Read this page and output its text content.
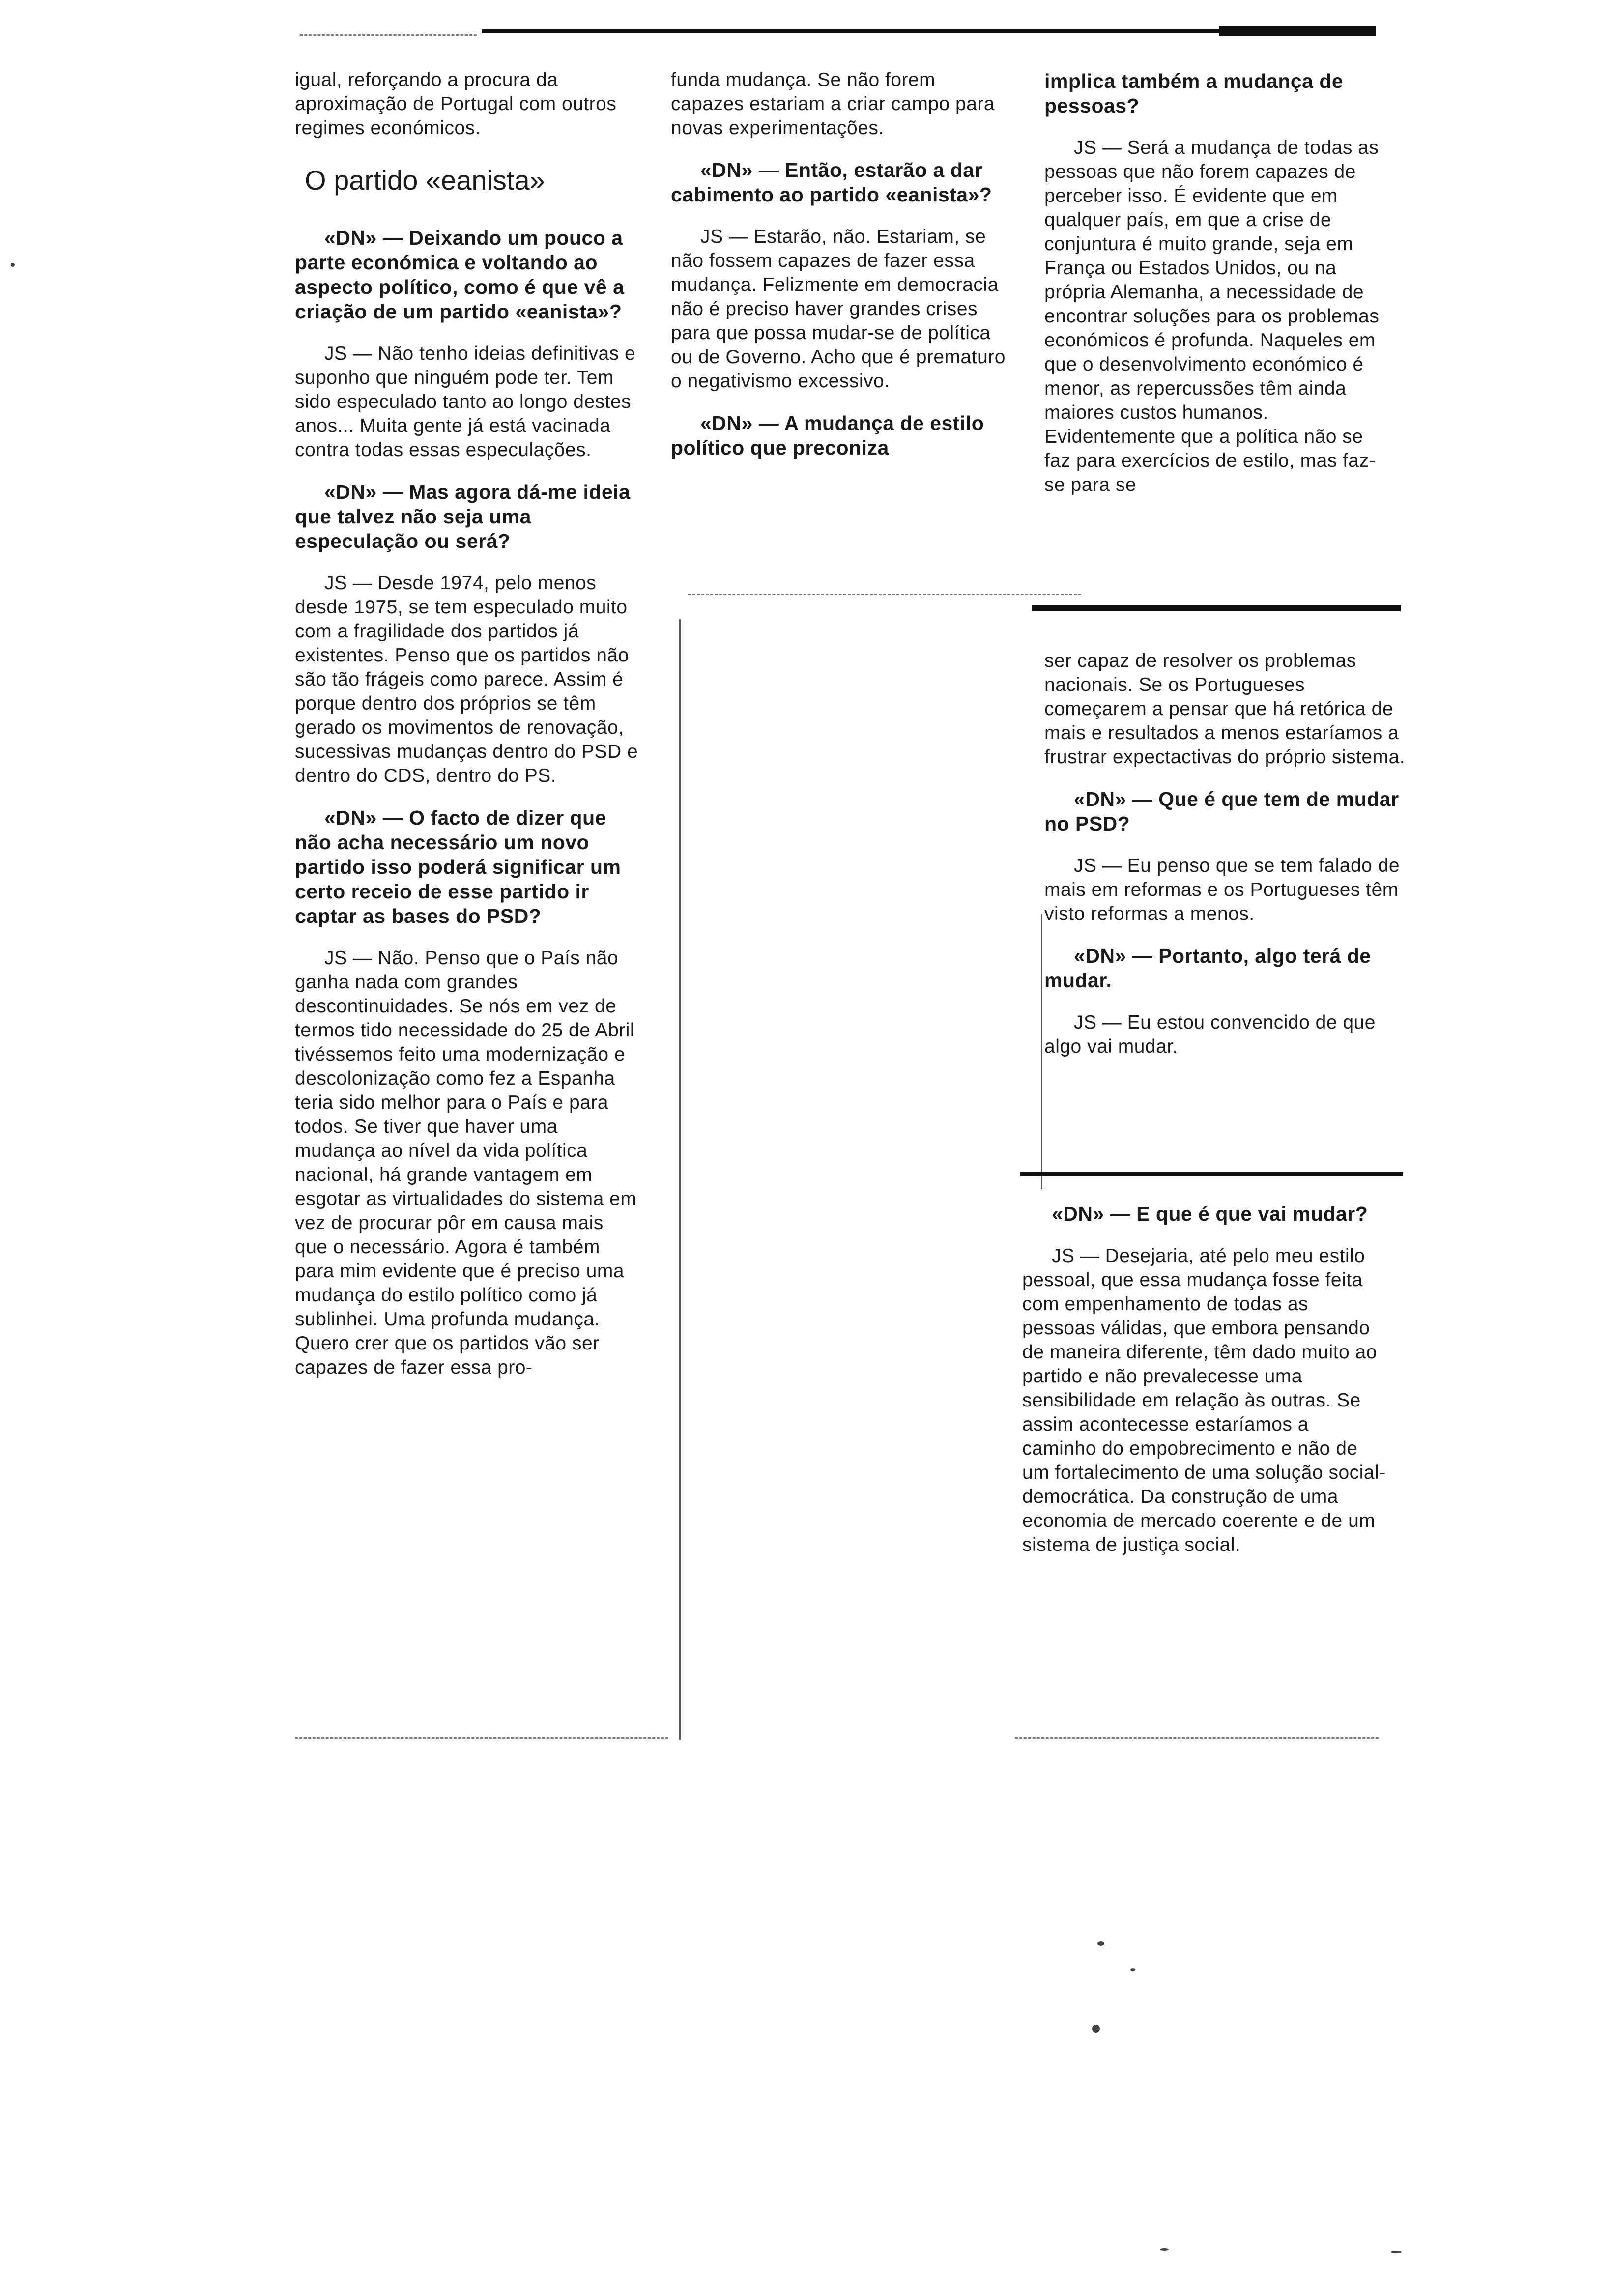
igual, reforçando a procura da aproximação de Portugal com outros regimes económicos.

O partido «eanista»

«DN» — Deixando um pouco a parte económica e voltando ao aspecto político, como é que vê a criação de um partido «eanista»?

JS — Não tenho ideias definitivas e suponho que ninguém pode ter. Tem sido especulado tanto ao longo destes anos... Muita gente já está vacinada contra todas essas especulações.

«DN» — Mas agora dá-me ideia que talvez não seja uma especulação ou será?

JS — Desde 1974, pelo menos desde 1975, se tem especulado muito com a fragilidade dos partidos já existentes. Penso que os partidos não são tão frágeis como parece. Assim é porque dentro dos próprios se têm gerado os movimentos de renovação, sucessivas mudanças dentro do PSD e dentro do CDS, dentro do PS.

«DN» — O facto de dizer que não acha necessário um novo partido isso poderá significar um certo receio de esse partido ir captar as bases do PSD?

JS — Não. Penso que o País não ganha nada com grandes descontinuidades. Se nós em vez de termos tido necessidade do 25 de Abril tivéssemos feito uma modernização e descolonização como fez a Espanha teria sido melhor para o País e para todos. Se tiver que haver uma mudança ao nível da vida política nacional, há grande vantagem em esgotar as virtualidades do sistema em vez de procurar pôr em causa mais que o necessário. Agora é também para mim evidente que é preciso uma mudança do estilo político como já sublinhei. Uma profunda mudança. Quero crer que os partidos vão ser capazes de fazer essa pro-

funda mudança. Se não forem capazes estariam a criar campo para novas experimentações.

«DN» — Então, estarão a dar cabimento ao partido «eanista»?

JS — Estarão, não. Estariam, se não fossem capazes de fazer essa mudança. Felizmente em democracia não é preciso haver grandes crises para que possa mudar-se de política ou de Governo. Acho que é prematuro o negativismo excessivo.

«DN» — A mudança de estilo político que preconiza

implica também a mudança de pessoas?

JS — Será a mudança de todas as pessoas que não forem capazes de perceber isso. É evidente que em qualquer país, em que a crise de conjuntura é muito grande, seja em França ou Estados Unidos, ou na própria Alemanha, a necessidade de encontrar soluções para os problemas económicos é profunda. Naqueles em que o desenvolvimento económico é menor, as repercussões têm ainda maiores custos humanos. Evidentemente que a política não se faz para exercícios de estilo, mas faz-se para se

ser capaz de resolver os problemas nacionais. Se os Portugueses começarem a pensar que há retórica de mais e resultados a menos estaríamos a frustrar expectactivas do próprio sistema.

«DN» — Que é que tem de mudar no PSD?

JS — Eu penso que se tem falado de mais em reformas e os Portugueses têm visto reformas a menos.

«DN» — Portanto, algo terá de mudar.

JS — Eu estou convencido de que algo vai mudar.

«DN» — E que é que vai mudar?

JS — Desejaria, até pelo meu estilo pessoal, que essa mudança fosse feita com empenhamento de todas as pessoas válidas, que embora pensando de maneira diferente, têm dado muito ao partido e não prevalecesse uma sensibilidade em relação às outras. Se assim acontecesse estaríamos a caminho do empobrecimento e não de um fortalecimento de uma solução social-democrática. Da construção de uma economia de mercado coerente e de um sistema de justiça social.
